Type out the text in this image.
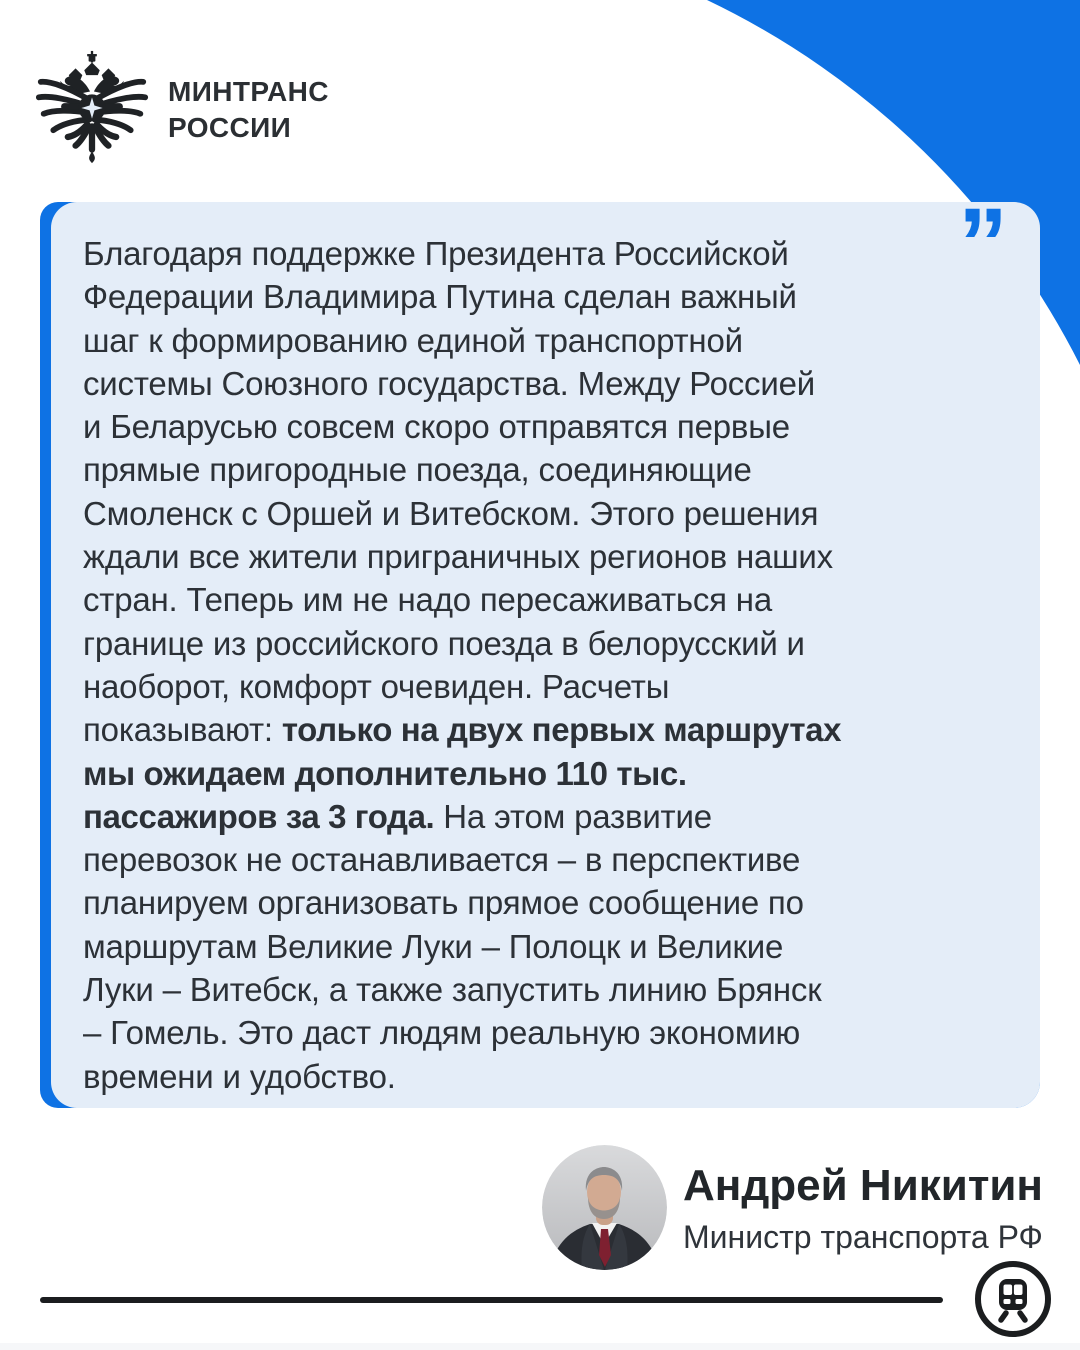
МИНТРАНС
РОССИИ
”
Благодаря поддержке Президента Российской
Федерации Владимира Путина сделан важный
шаг к формированию единой транспортной
системы Союзного государства. Между Россией
и Беларусью совсем скоро отправятся первые
прямые пригородные поезда, соединяющие
Смоленск с Оршей и Витебском. Этого решения
ждали все жители приграничных регионов наших
стран. Теперь им не надо пересаживаться на
границе из российского поезда в белорусский и
наоборот, комфорт очевиден. Расчеты
показывают: только на двух первых маршрутах
мы ожидаем дополнительно 110 тыс.
пассажиров за 3 года. На этом развитие
перевозок не останавливается – в перспективе
планируем организовать прямое сообщение по
маршрутам Великие Луки – Полоцк и Великие
Луки – Витебск, а также запустить линию Брянск
– Гомель. Это даст людям реальную экономию
времени и удобство.
Андрей Никитин
Министр транспорта РФ
